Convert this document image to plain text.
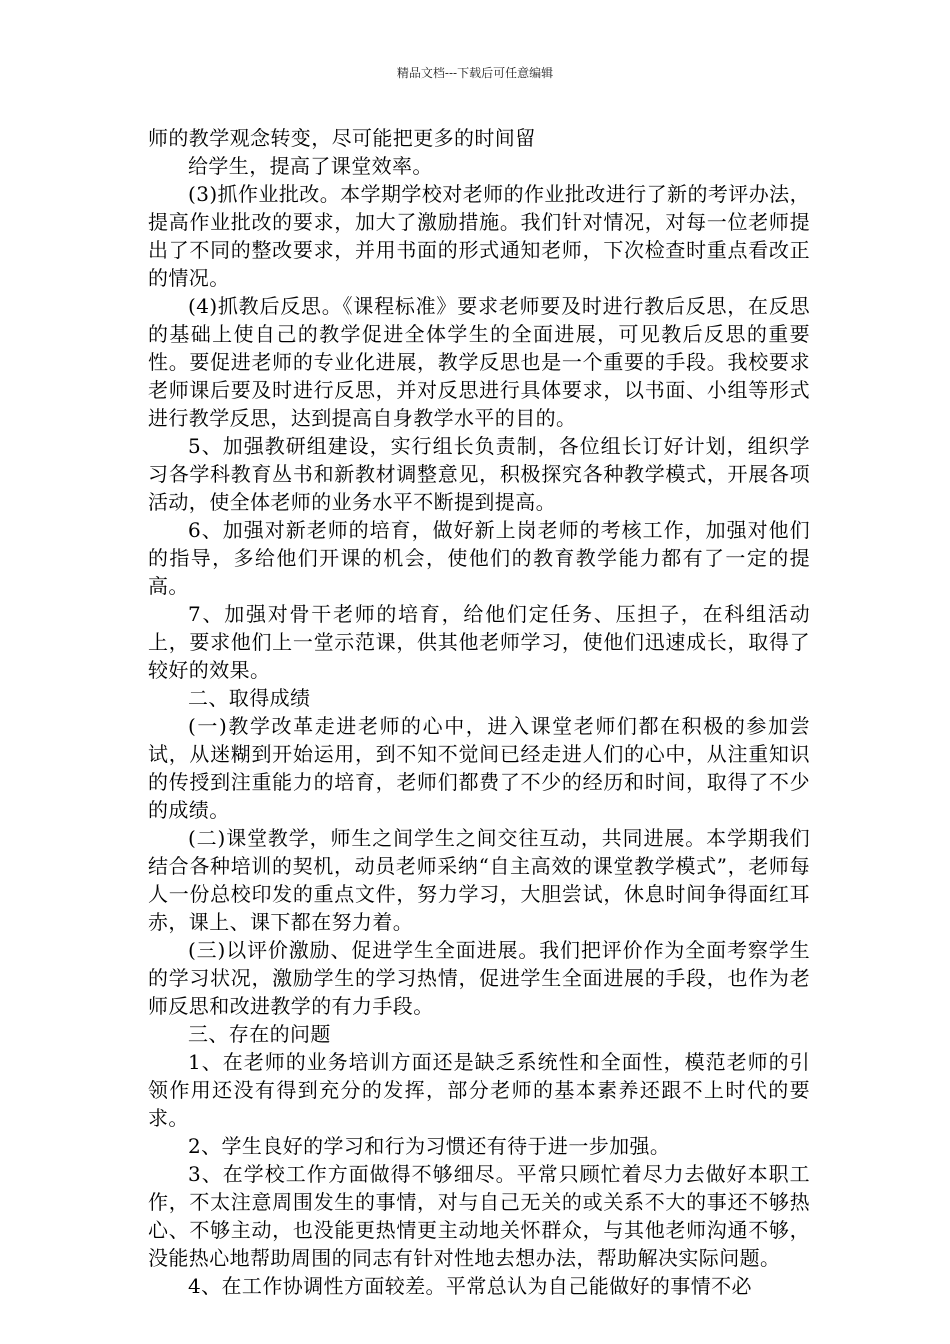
精品文档---下载后可任意编辑

师的教学观念转变，尽可能把更多的时间留

给学生，提高了课堂效率。

(3)抓作业批改。本学期学校对老师的作业批改进行了新的考评办法，提高作业批改的要求，加大了激励措施。我们针对情况，对每一位老师提出了不同的整改要求，并用书面的形式通知老师，下次检查时重点看改正的情况。

(4)抓教后反思。《课程标准》要求老师要及时进行教后反思，在反思的基础上使自己的教学促进全体学生的全面进展，可见教后反思的重要性。要促进老师的专业化进展，教学反思也是一个重要的手段。我校要求老师课后要及时进行反思，并对反思进行具体要求，以书面、小组等形式进行教学反思，达到提高自身教学水平的目的。

5、加强教研组建设，实行组长负责制，各位组长订好计划，组织学习各学科教育丛书和新教材调整意见，积极探究各种教学模式，开展各项活动，使全体老师的业务水平不断提到提高。

6、加强对新老师的培育，做好新上岗老师的考核工作，加强对他们的指导，多给他们开课的机会，使他们的教育教学能力都有了一定的提高。

7、加强对骨干老师的培育，给他们定任务、压担子，在科组活动上，要求他们上一堂示范课，供其他老师学习，使他们迅速成长，取得了较好的效果。

二、取得成绩

(一)教学改革走进老师的心中，进入课堂老师们都在积极的参加尝试，从迷糊到开始运用，到不知不觉间已经走进人们的心中，从注重知识的传授到注重能力的培育，老师们都费了不少的经历和时间，取得了不少的成绩。

(二)课堂教学，师生之间学生之间交往互动，共同进展。本学期我们结合各种培训的契机，动员老师采纳“自主高效的课堂教学模式”，老师每人一份总校印发的重点文件，努力学习，大胆尝试，休息时间争得面红耳赤，课上、课下都在努力着。

(三)以评价激励、促进学生全面进展。我们把评价作为全面考察学生的学习状况，激励学生的学习热情，促进学生全面进展的手段，也作为老师反思和改进教学的有力手段。

三、存在的问题

1、在老师的业务培训方面还是缺乏系统性和全面性，模范老师的引领作用还没有得到充分的发挥，部分老师的基本素养还跟不上时代的要求。

2、学生良好的学习和行为习惯还有待于进一步加强。

3、在学校工作方面做得不够细尽。平常只顾忙着尽力去做好本职工作，不太注意周围发生的事情，对与自己无关的或关系不大的事还不够热心、不够主动，也没能更热情更主动地关怀群众，与其他老师沟通不够，没能热心地帮助周围的同志有针对性地去想办法，帮助解决实际问题。

4、在工作协调性方面较差。平常总认为自己能做好的事情不必
